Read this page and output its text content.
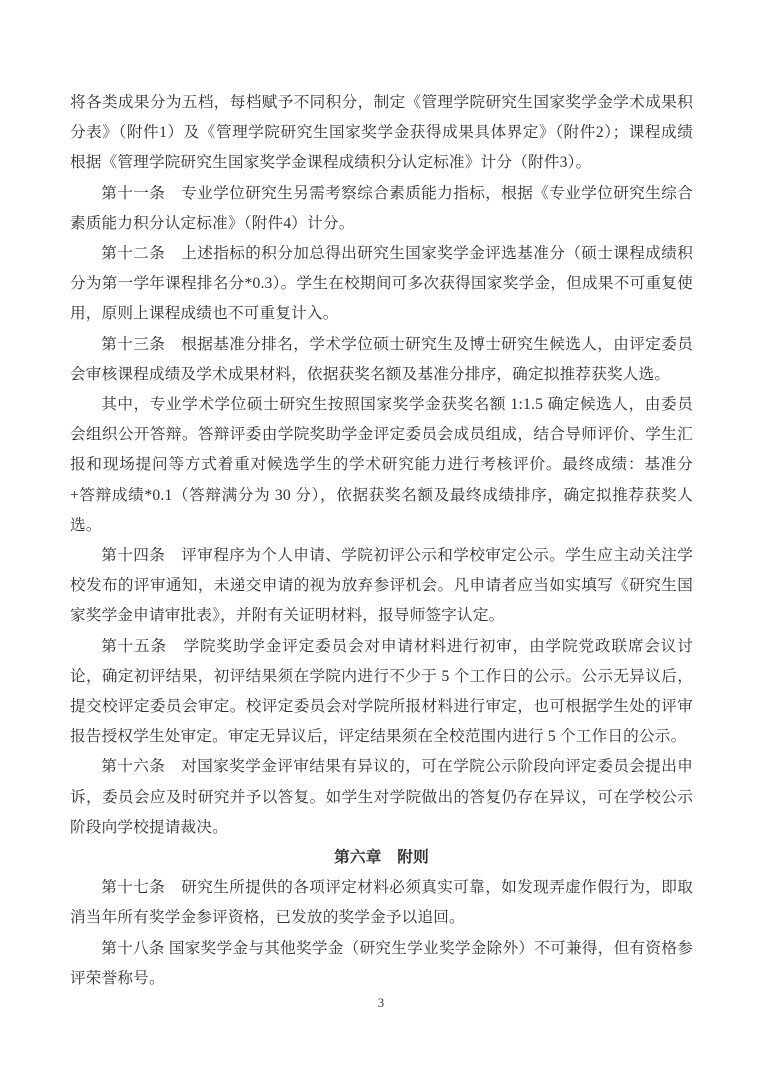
将各类成果分为五档，每档赋予不同积分，制定《管理学院研究生国家奖学金学术成果积分表》（附件1）及《管理学院研究生国家奖学金获得成果具体界定》（附件2）；课程成绩根据《管理学院研究生国家奖学金课程成绩积分认定标准》计分（附件3）。

第十一条　专业学位研究生另需考察综合素质能力指标，根据《专业学位研究生综合素质能力积分认定标准》（附件4）计分。

第十二条　上述指标的积分加总得出研究生国家奖学金评选基准分（硕士课程成绩积分为第一学年课程排名分*0.3）。学生在校期间可多次获得国家奖学金，但成果不可重复使用，原则上课程成绩也不可重复计入。

第十三条　根据基准分排名，学术学位硕士研究生及博士研究生候选人，由评定委员会审核课程成绩及学术成果材料，依据获奖名额及基准分排序，确定拟推荐获奖人选。

其中，专业学术学位硕士研究生按照国家奖学金获奖名额 1:1.5 确定候选人，由委员会组织公开答辩。答辩评委由学院奖助学金评定委员会成员组成，结合导师评价、学生汇报和现场提问等方式着重对候选学生的学术研究能力进行考核评价。最终成绩：基准分+答辩成绩*0.1（答辩满分为 30 分），依据获奖名额及最终成绩排序，确定拟推荐获奖人选。

第十四条　评审程序为个人申请、学院初评公示和学校审定公示。学生应主动关注学校发布的评审通知，未递交申请的视为放弃参评机会。凡申请者应当如实填写《研究生国家奖学金申请审批表》，并附有关证明材料，报导师签字认定。

第十五条　学院奖助学金评定委员会对申请材料进行初审，由学院党政联席会议讨论，确定初评结果，初评结果须在学院内进行不少于 5 个工作日的公示。公示无异议后，提交校评定委员会审定。校评定委员会对学院所报材料进行审定，也可根据学生处的评审报告授权学生处审定。审定无异议后，评定结果须在全校范围内进行 5 个工作日的公示。

第十六条　对国家奖学金评审结果有异议的，可在学院公示阶段向评定委员会提出申诉，委员会应及时研究并予以答复。如学生对学院做出的答复仍存在异议，可在学校公示阶段向学校提请裁决。

第六章　附则

第十七条　研究生所提供的各项评定材料必须真实可靠，如发现弄虚作假行为，即取消当年所有奖学金参评资格，已发放的奖学金予以追回。

第十八条 国家奖学金与其他奖学金（研究生学业奖学金除外）不可兼得，但有资格参评荣誉称号。

3
